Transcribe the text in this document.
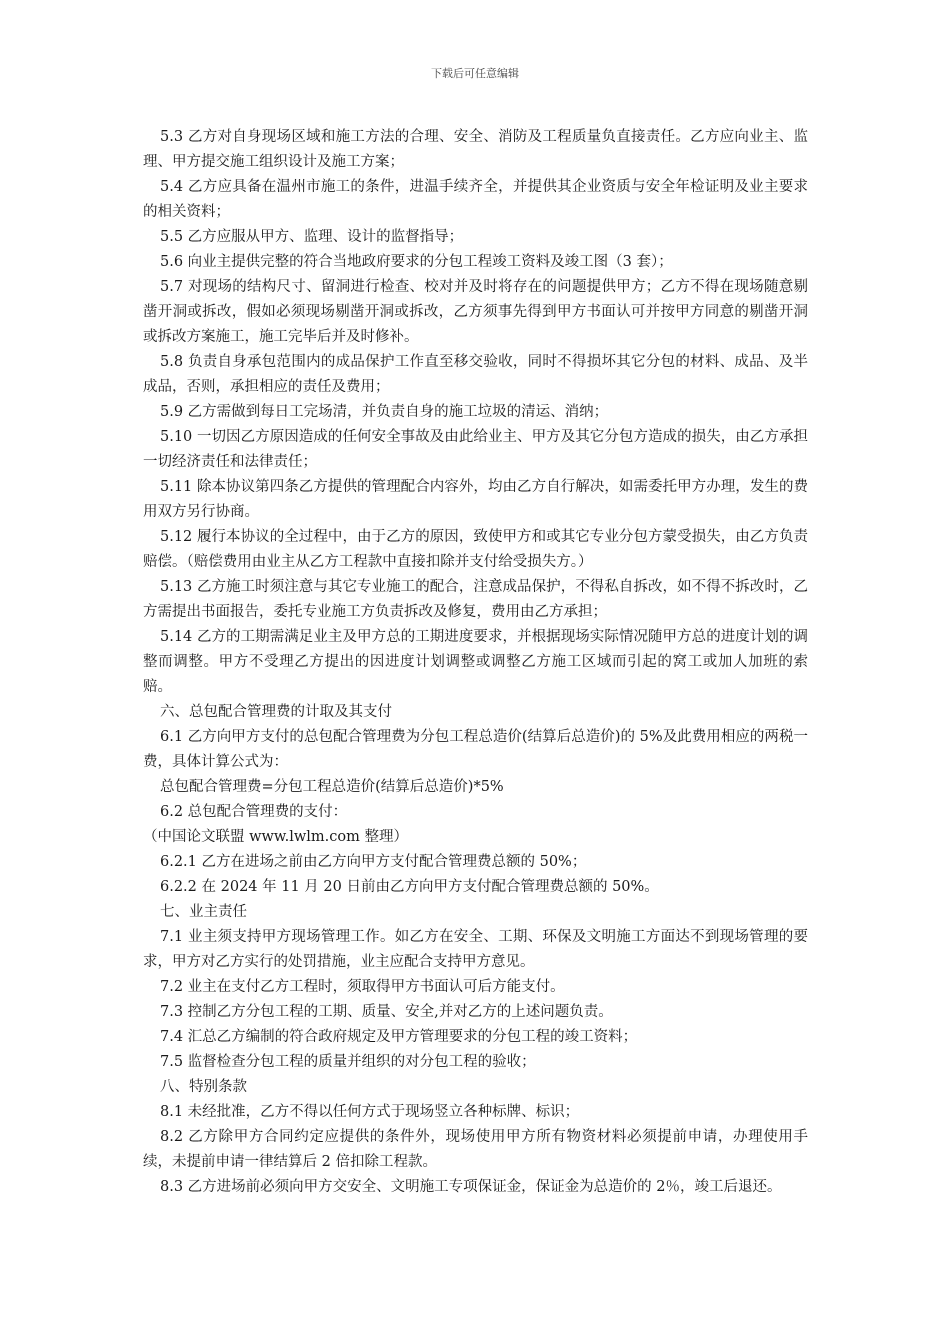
下载后可任意编辑

5.3 乙方对自身现场区域和施工方法的合理、安全、消防及工程质量负直接责任。乙方应向业主、监理、甲方提交施工组织设计及施工方案；

5.4 乙方应具备在温州市施工的条件，进温手续齐全，并提供其企业资质与安全年检证明及业主要求的相关资料；

5.5 乙方应服从甲方、监理、设计的监督指导；

5.6 向业主提供完整的符合当地政府要求的分包工程竣工资料及竣工图（3 套）；

5.7 对现场的结构尺寸、留洞进行检查、校对并及时将存在的问题提供甲方；乙方不得在现场随意剔凿开洞或拆改，假如必须现场剔凿开洞或拆改，乙方须事先得到甲方书面认可并按甲方同意的剔凿开洞或拆改方案施工，施工完毕后并及时修补。

5.8 负责自身承包范围内的成品保护工作直至移交验收，同时不得损坏其它分包的材料、成品、及半成品，否则，承担相应的责任及费用；

5.9 乙方需做到每日工完场清，并负责自身的施工垃圾的清运、消纳；

5.10 一切因乙方原因造成的任何安全事故及由此给业主、甲方及其它分包方造成的损失，由乙方承担一切经济责任和法律责任；

5.11 除本协议第四条乙方提供的管理配合内容外，均由乙方自行解决，如需委托甲方办理，发生的费用双方另行协商。

5.12 履行本协议的全过程中，由于乙方的原因，致使甲方和或其它专业分包方蒙受损失，由乙方负责赔偿。（赔偿费用由业主从乙方工程款中直接扣除并支付给受损失方。）

5.13 乙方施工时须注意与其它专业施工的配合，注意成品保护，不得私自拆改，如不得不拆改时，乙方需提出书面报告，委托专业施工方负责拆改及修复，费用由乙方承担；

5.14 乙方的工期需满足业主及甲方总的工期进度要求，并根据现场实际情况随甲方总的进度计划的调整而调整。甲方不受理乙方提出的因进度计划调整或调整乙方施工区域而引起的窝工或加人加班的索赔。

六、总包配合管理费的计取及其支付

6.1 乙方向甲方支付的总包配合管理费为分包工程总造价(结算后总造价)的 5%及此费用相应的两税一费，具体计算公式为：

总包配合管理费=分包工程总造价(结算后总造价)*5%

6.2 总包配合管理费的支付：

（中国论文联盟 www.lwlm.com 整理）

6.2.1 乙方在进场之前由乙方向甲方支付配合管理费总额的 50%；

6.2.2 在 2024 年 11 月 20 日前由乙方向甲方支付配合管理费总额的 50%。

七、业主责任

7.1 业主须支持甲方现场管理工作。如乙方在安全、工期、环保及文明施工方面达不到现场管理的要求，甲方对乙方实行的处罚措施，业主应配合支持甲方意见。

7.2 业主在支付乙方工程时，须取得甲方书面认可后方能支付。

7.3 控制乙方分包工程的工期、质量、安全,并对乙方的上述问题负责。

7.4 汇总乙方编制的符合政府规定及甲方管理要求的分包工程的竣工资料；

7.5 监督检查分包工程的质量并组织的对分包工程的验收；

八、特别条款

8.1 未经批准，乙方不得以任何方式于现场竖立各种标牌、标识；

8.2 乙方除甲方合同约定应提供的条件外，现场使用甲方所有物资材料必须提前申请，办理使用手续，未提前申请一律结算后 2 倍扣除工程款。

8.3 乙方进场前必须向甲方交安全、文明施工专项保证金，保证金为总造价的 2％，竣工后退还。
